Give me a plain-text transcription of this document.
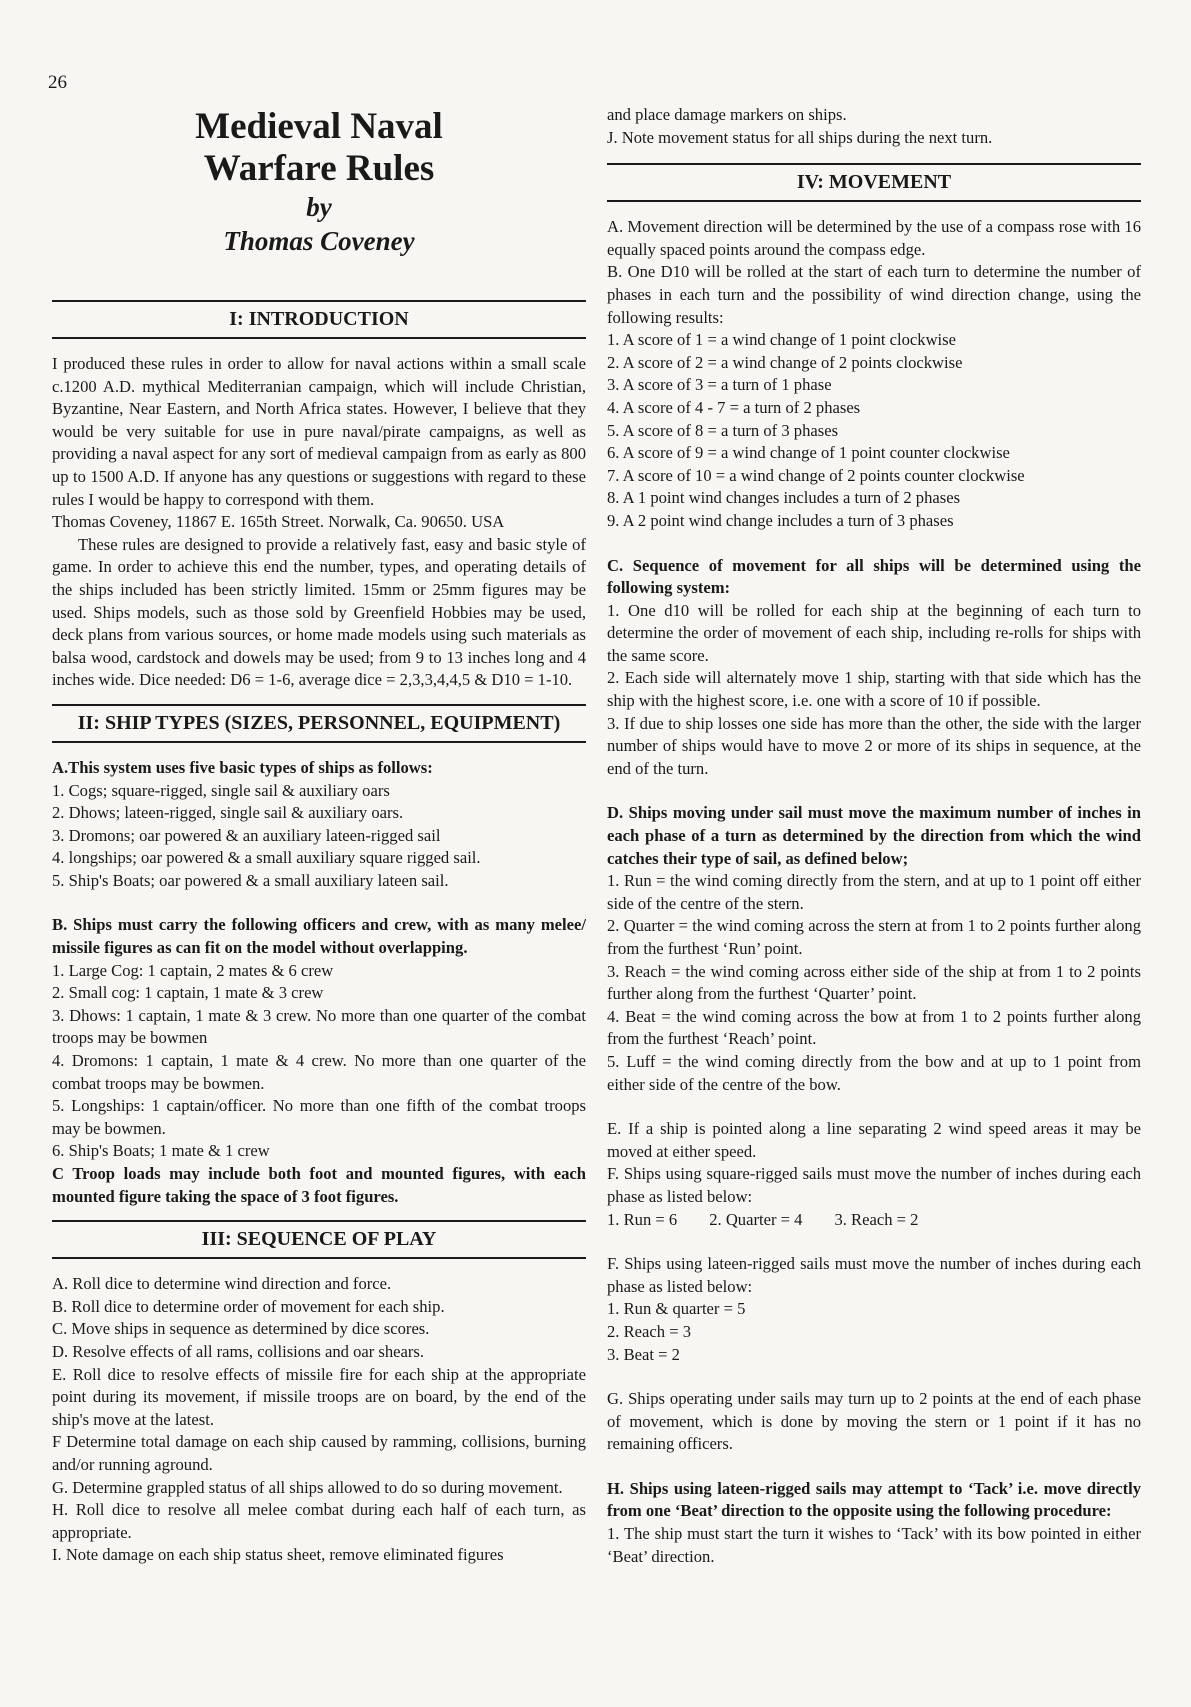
26
Medieval Naval
Warfare Rules
by
Thomas Coveney
I: INTRODUCTION

I produced these rules in order to allow for naval actions within a small scale c.1200 A.D. mythical Mediterranian campaign, which will include Christian, Byzantine, Near Eastern, and North Africa states. However, I believe that they would be very suitable for use in pure naval/pirate campaigns, as well as providing a naval aspect for any sort of medieval campaign from as early as 800 up to 1500 A.D. If anyone has any questions or suggestions with regard to these rules I would be happy to correspond with them.

Thomas Coveney, 11867 E. 165th Street. Norwalk, Ca. 90650. USA

These rules are designed to provide a relatively fast, easy and basic style of game. In order to achieve this end the number, types, and operating details of the ships included has been strictly limited. 15mm or 25mm figures may be used. Ships models, such as those sold by Greenfield Hobbies may be used, deck plans from various sources, or home made models using such materials as balsa wood, cardstock and dowels may be used; from 9 to 13 inches long and 4 inches wide. Dice needed: D6 = 1-6, average dice = 2,3,3,4,4,5 & D10 = 1-10.

II: SHIP TYPES (SIZES, PERSONNEL, EQUIPMENT)
A.This system uses five basic types of ships as follows:
1. Cogs; square-rigged, single sail & auxiliary oars
2. Dhows; lateen-rigged, single sail & auxiliary oars.
3. Dromons; oar powered & an auxiliary lateen-rigged sail
4. longships; oar powered & a small auxiliary square rigged sail.
5. Ship's Boats; oar powered & a small auxiliary lateen sail.

B. Ships must carry the following officers and crew, with as many melee/ missile figures as can fit on the model without overlapping.

1. Large Cog: 1 captain, 2 mates & 6 crew

2. Small cog: 1 captain, 1 mate & 3 crew

3. Dhows: 1 captain, 1 mate & 3 crew. No more than one quarter of the combat troops may be bowmen

4. Dromons: 1 captain, 1 mate & 4 crew. No more than one quarter of the combat troops may be bowmen.

5. Longships: 1 captain/officer. No more than one fifth of the combat troops may be bowmen.

6. Ship's Boats; 1 mate & 1 crew

C Troop loads may include both foot and mounted figures, with each mounted figure taking the space of 3 foot figures.

III: SEQUENCE OF PLAY

A. Roll dice to determine wind direction and force.

B. Roll dice to determine order of movement for each ship.

C. Move ships in sequence as determined by dice scores.

D. Resolve effects of all rams, collisions and oar shears.

E. Roll dice to resolve effects of missile fire for each ship at the appropriate point during its movement, if missile troops are on board, by the end of the ship's move at the latest.

F Determine total damage on each ship caused by ramming, collisions, burning and/or running aground.

G. Determine grappled status of all ships allowed to do so during movement.

H. Roll dice to resolve all melee combat during each half of each turn, as appropriate.

I. Note damage on each ship status sheet, remove eliminated figures

and place damage markers on ships.
J. Note movement status for all ships during the next turn.
IV: MOVEMENT

A. Movement direction will be determined by the use of a compass rose with 16 equally spaced points around the compass edge.

B. One D10 will be rolled at the start of each turn to determine the number of phases in each turn and the possibility of wind direction change, using the following results:

1. A score of 1 = a wind change of 1 point clockwise
2. A score of 2 = a wind change of 2 points clockwise
3. A score of 3 = a turn of 1 phase
4. A score of 4 - 7 = a turn of 2 phases
5. A score of 8 = a turn of 3 phases
6. A score of 9 = a wind change of 1 point counter clockwise
7. A score of 10 = a wind change of 2 points counter clockwise
8. A 1 point wind changes includes a turn of 2 phases
9. A 2 point wind change includes a turn of 3 phases

C. Sequence of movement for all ships will be determined using the following system:

1. One d10 will be rolled for each ship at the beginning of each turn to determine the order of movement of each ship, including re-rolls for ships with the same score.

2. Each side will alternately move 1 ship, starting with that side which has the ship with the highest score, i.e. one with a score of 10 if possible.

3. If due to ship losses one side has more than the other, the side with the larger number of ships would have to move 2 or more of its ships in sequence, at the end of the turn.

D. Ships moving under sail must move the maximum number of inches in each phase of a turn as determined by the direction from which the wind catches their type of sail, as defined below;

1. Run = the wind coming directly from the stern, and at up to 1 point off either side of the centre of the stern.

2. Quarter = the wind coming across the stern at from 1 to 2 points further along from the furthest ‘Run’ point.

3. Reach = the wind coming across either side of the ship at from 1 to 2 points further along from the furthest ‘Quarter’ point.

4. Beat = the wind coming across the bow at from 1 to 2 points further along from the furthest ‘Reach’ point.

5. Luff = the wind coming directly from the bow and at up to 1 point from either side of the centre of the bow.

E. If a ship is pointed along a line separating 2 wind speed areas it may be moved at either speed.

F. Ships using square-rigged sails must move the number of inches during each phase as listed below:

1. Run = 6 2. Quarter = 4 3. Reach = 2

F. Ships using lateen-rigged sails must move the number of inches during each phase as listed below:

1. Run & quarter = 5
2. Reach = 3
3. Beat = 2

G. Ships operating under sails may turn up to 2 points at the end of each phase of movement, which is done by moving the stern or 1 point if it has no remaining officers.

H. Ships using lateen-rigged sails may attempt to ‘Tack’ i.e. move directly from one ‘Beat’ direction to the opposite using the following procedure:

1. The ship must start the turn it wishes to ‘Tack’ with its bow pointed in either ‘Beat’ direction.
